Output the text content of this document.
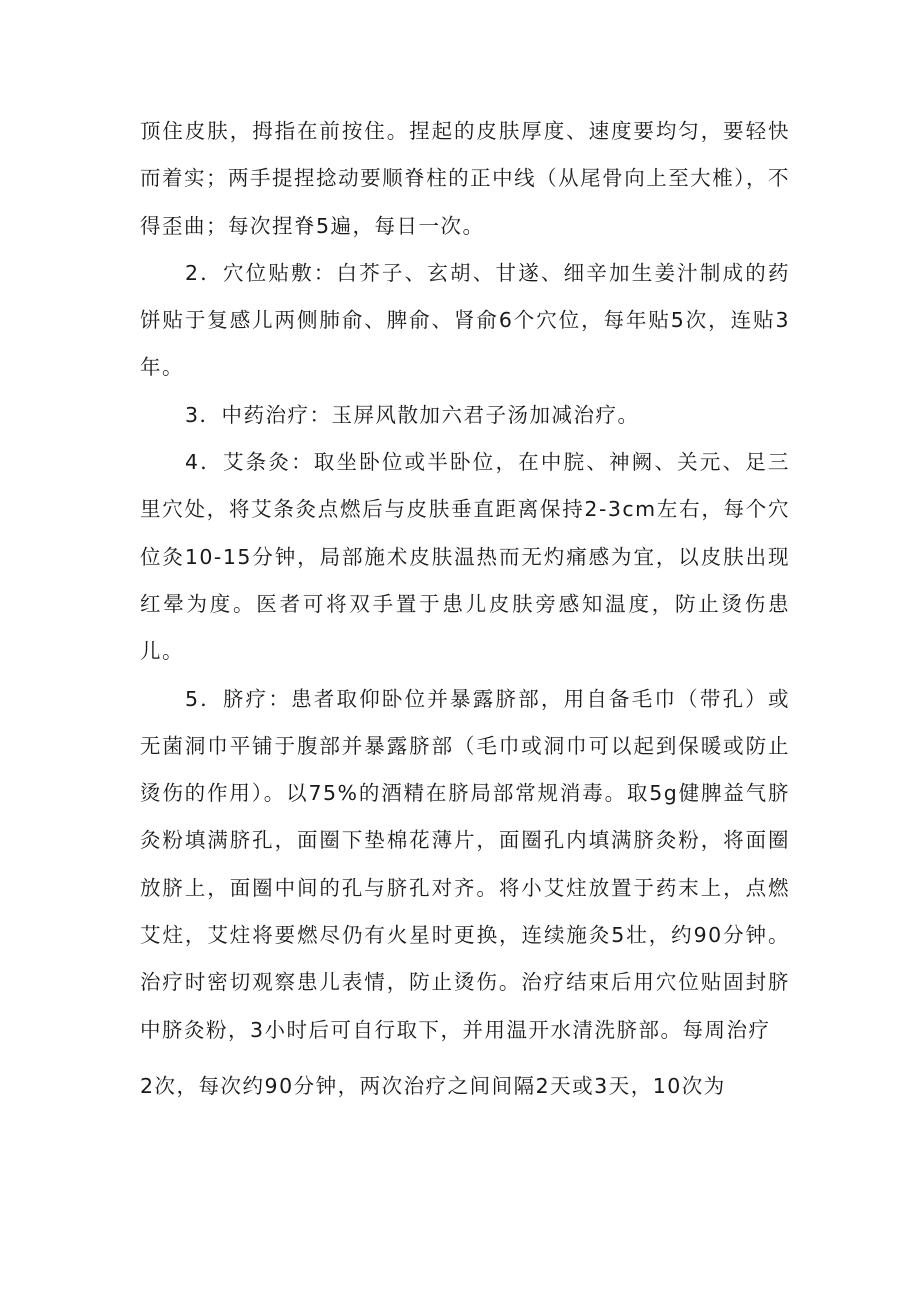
顶住皮肤，拇指在前按住。捏起的皮肤厚度、速度要均匀，要轻快而着实；两手提捏捻动要顺脊柱的正中线（从尾骨向上至大椎），不得歪曲；每次捏脊5遍，每日一次。

2．穴位贴敷：白芥子、玄胡、甘遂、细辛加生姜汁制成的药饼贴于复感儿两侧肺俞、脾俞、肾俞6个穴位，每年贴5次，连贴3年。

3．中药治疗：玉屏风散加六君子汤加减治疗。

4．艾条灸：取坐卧位或半卧位，在中脘、神阙、关元、足三里穴处，将艾条灸点燃后与皮肤垂直距离保持2-3cm左右，每个穴位灸10-15分钟，局部施术皮肤温热而无灼痛感为宜，以皮肤出现红晕为度。医者可将双手置于患儿皮肤旁感知温度，防止烫伤患儿。

5．脐疗：患者取仰卧位并暴露脐部，用自备毛巾（带孔）或无菌洞巾平铺于腹部并暴露脐部（毛巾或洞巾可以起到保暖或防止烫伤的作用）。以75%的酒精在脐局部常规消毒。取5g健脾益气脐灸粉填满脐孔，面圈下垫棉花薄片，面圈孔内填满脐灸粉，将面圈放脐上，面圈中间的孔与脐孔对齐。将小艾炷放置于药末上，点燃艾炷，艾炷将要燃尽仍有火星时更换，连续施灸5壮，约90分钟。治疗时密切观察患儿表情，防止烫伤。治疗结束后用穴位贴固封脐中脐灸粉，3小时后可自行取下，并用温开水清洗脐部。每周治疗

2次，每次约90分钟，两次治疗之间间隔2天或3天，10次为
